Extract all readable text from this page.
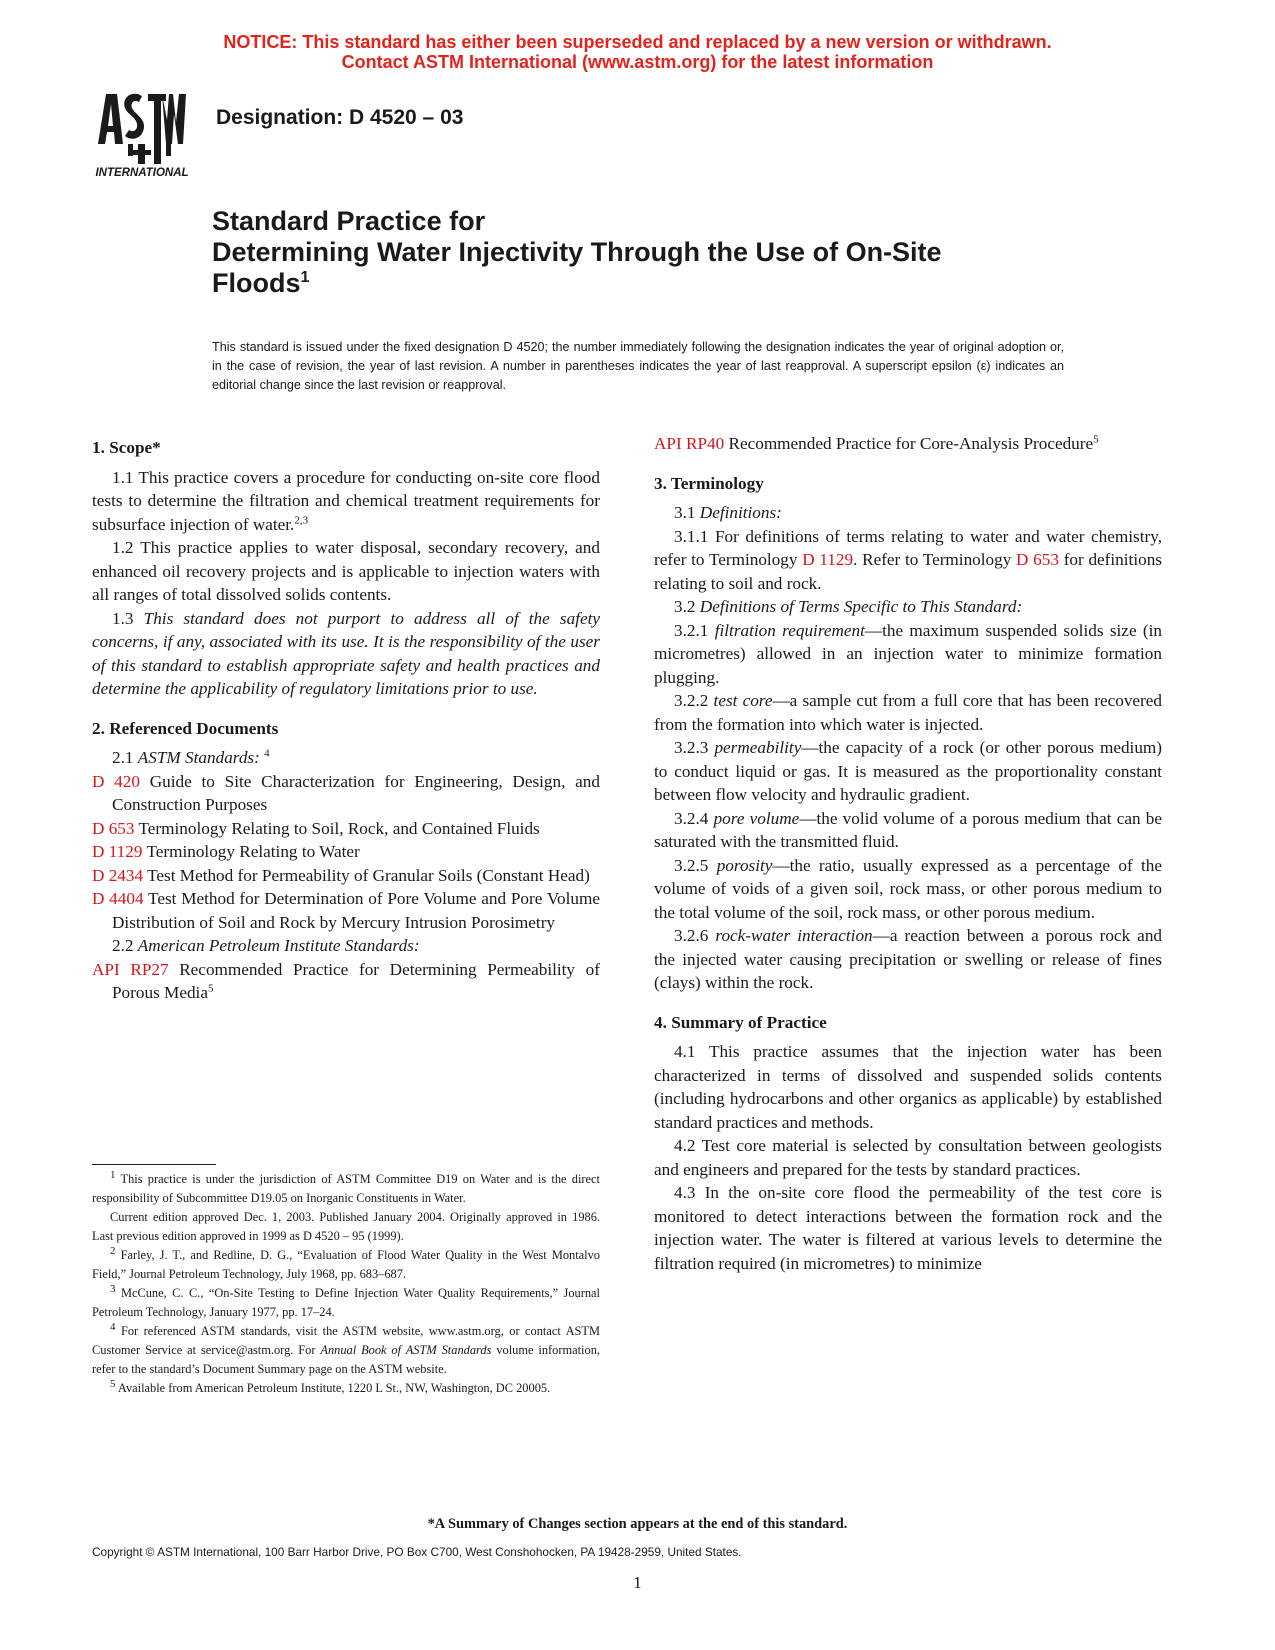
NOTICE: This standard has either been superseded and replaced by a new version or withdrawn.
Contact ASTM International (www.astm.org) for the latest information
INTERNATIONAL
Designation: D 4520 – 03
Standard Practice for
Determining Water Injectivity Through the Use of On-Site
Floods$^1$
This standard is issued under the fixed designation D 4520; the number immediately following the designation indicates the year of original adoption or, in the case of revision, the year of last revision. A number in parentheses indicates the year of last reapproval. A superscript epsilon (ε) indicates an editorial change since the last revision or reapproval.

1. Scope*

1.1 This practice covers a procedure for conducting on-site core flood tests to determine the filtration and chemical treatment requirements for subsurface injection of water.$^{2,3}$

1.2 This practice applies to water disposal, secondary recovery, and enhanced oil recovery projects and is applicable to injection waters with all ranges of total dissolved solids contents.

1.3 This standard does not purport to address all of the safety concerns, if any, associated with its use. It is the responsibility of the user of this standard to establish appropriate safety and health practices and determine the applicability of regulatory limitations prior to use.

2. Referenced Documents

2.1 ASTM Standards: $^4$

D 420 Guide to Site Characterization for Engineering, Design, and Construction Purposes

D 653 Terminology Relating to Soil, Rock, and Contained Fluids

D 1129 Terminology Relating to Water

D 2434 Test Method for Permeability of Granular Soils (Constant Head)

D 4404 Test Method for Determination of Pore Volume and Pore Volume Distribution of Soil and Rock by Mercury Intrusion Porosimetry

2.2 American Petroleum Institute Standards:

API RP27 Recommended Practice for Determining Permeability of Porous Media$^5$

API RP40 Recommended Practice for Core-Analysis Procedure$^5$

3. Terminology

3.1 Definitions:

3.1.1 For definitions of terms relating to water and water chemistry, refer to Terminology D 1129. Refer to Terminology D 653 for definitions relating to soil and rock.

3.2 Definitions of Terms Specific to This Standard:

3.2.1 filtration requirement—the maximum suspended solids size (in micrometres) allowed in an injection water to minimize formation plugging.

3.2.2 test core—a sample cut from a full core that has been recovered from the formation into which water is injected.

3.2.3 permeability—the capacity of a rock (or other porous medium) to conduct liquid or gas. It is measured as the proportionality constant between flow velocity and hydraulic gradient.

3.2.4 pore volume—the volid volume of a porous medium that can be saturated with the transmitted fluid.

3.2.5 porosity—the ratio, usually expressed as a percentage of the volume of voids of a given soil, rock mass, or other porous medium to the total volume of the soil, rock mass, or other porous medium.

3.2.6 rock-water interaction—a reaction between a porous rock and the injected water causing precipitation or swelling or release of fines (clays) within the rock.

4. Summary of Practice

4.1 This practice assumes that the injection water has been characterized in terms of dissolved and suspended solids contents (including hydrocarbons and other organics as applicable) by established standard practices and methods.

4.2 Test core material is selected by consultation between geologists and engineers and prepared for the tests by standard practices.

4.3 In the on-site core flood the permeability of the test core is monitored to detect interactions between the formation rock and the injection water. The water is filtered at various levels to determine the filtration required (in micrometres) to minimize

$^1$ This practice is under the jurisdiction of ASTM Committee D19 on Water and is the direct responsibility of Subcommittee D19.05 on Inorganic Constituents in Water.

Current edition approved Dec. 1, 2003. Published January 2004. Originally approved in 1986. Last previous edition approved in 1999 as D 4520 – 95 (1999).

$^2$ Farley, J. T., and Redline, D. G., “Evaluation of Flood Water Quality in the West Montalvo Field,” Journal Petroleum Technology, July 1968, pp. 683–687.

$^3$ McCune, C. C., “On-Site Testing to Define Injection Water Quality Requirements,” Journal Petroleum Technology, January 1977, pp. 17–24.

$^4$ For referenced ASTM standards, visit the ASTM website, www.astm.org, or contact ASTM Customer Service at service@astm.org. For Annual Book of ASTM Standards volume information, refer to the standard’s Document Summary page on the ASTM website.

$^5$ Available from American Petroleum Institute, 1220 L St., NW, Washington, DC 20005.

*A Summary of Changes section appears at the end of this standard.
Copyright © ASTM International, 100 Barr Harbor Drive, PO Box C700, West Conshohocken, PA 19428-2959, United States.
1
